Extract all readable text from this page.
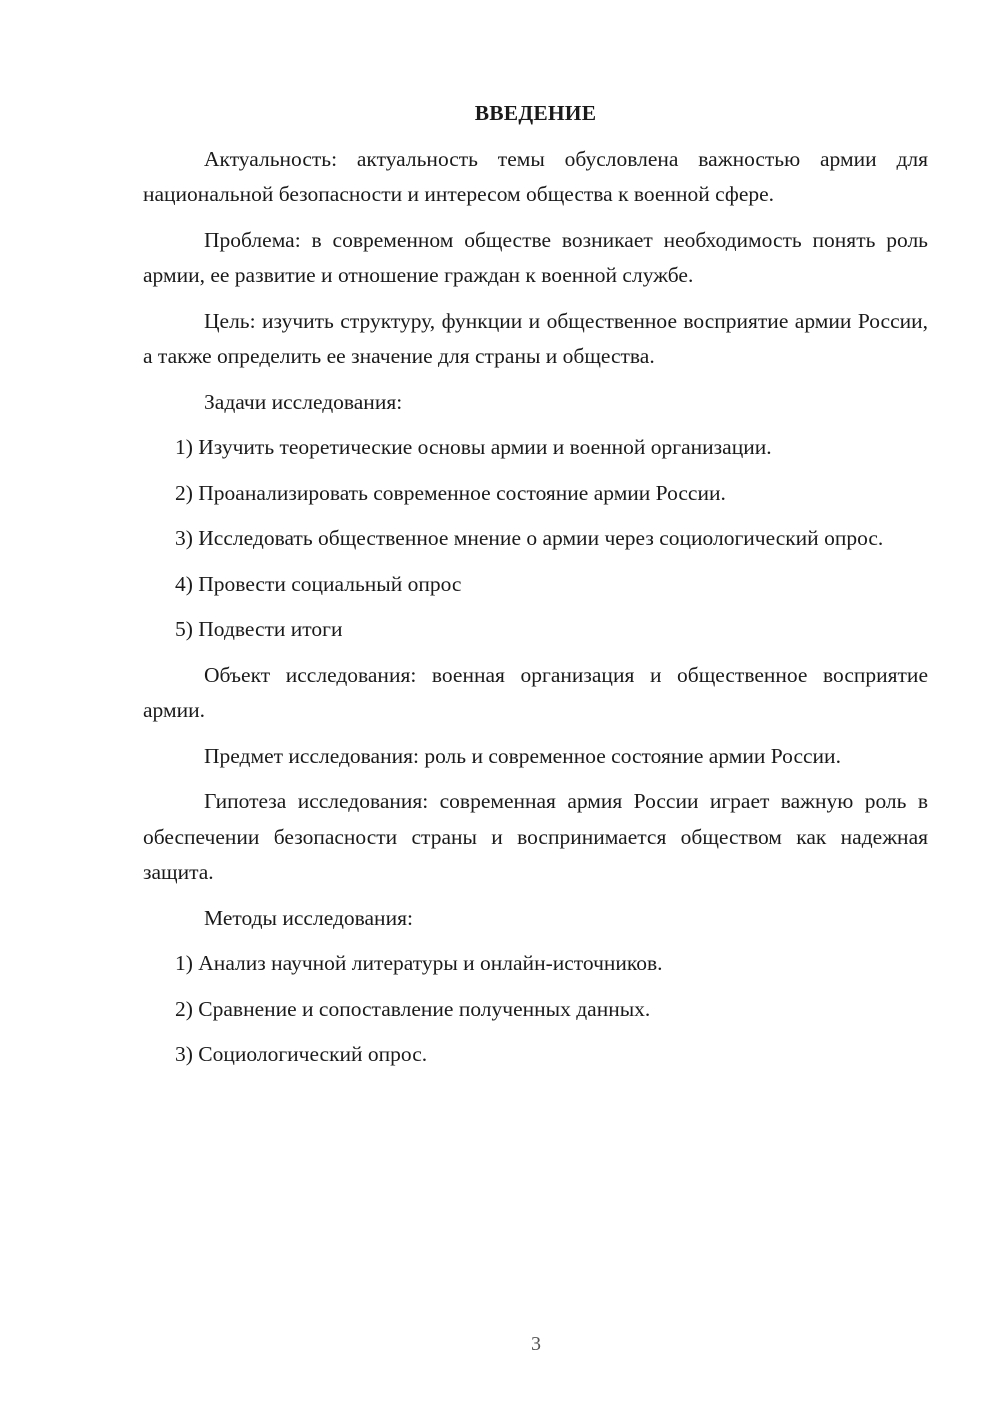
ВВЕДЕНИЕ

Актуальность: актуальность темы обусловлена важностью армии для национальной безопасности и интересом общества к военной сфере.

Проблема: в современном обществе возникает необходимость понять роль армии, ее развитие и отношение граждан к военной службе.

Цель: изучить структуру, функции и общественное восприятие армии России, а также определить ее значение для страны и общества.

Задачи исследования:

1) Изучить теоретические основы армии и военной организации.

2) Проанализировать современное состояние армии России.

3) Исследовать общественное мнение о армии через социологический опрос.

4) Провести социальный опрос

5) Подвести итоги

Объект исследования: военная организация и общественное восприятие армии.

Предмет исследования: роль и современное состояние армии России.

Гипотеза исследования: современная армия России играет важную роль в обеспечении безопасности страны и воспринимается обществом как надежная защита.

Методы исследования:

1) Анализ научной литературы и онлайн-источников.

2) Сравнение и сопоставление полученных данных.

3) Социологический опрос.

3
